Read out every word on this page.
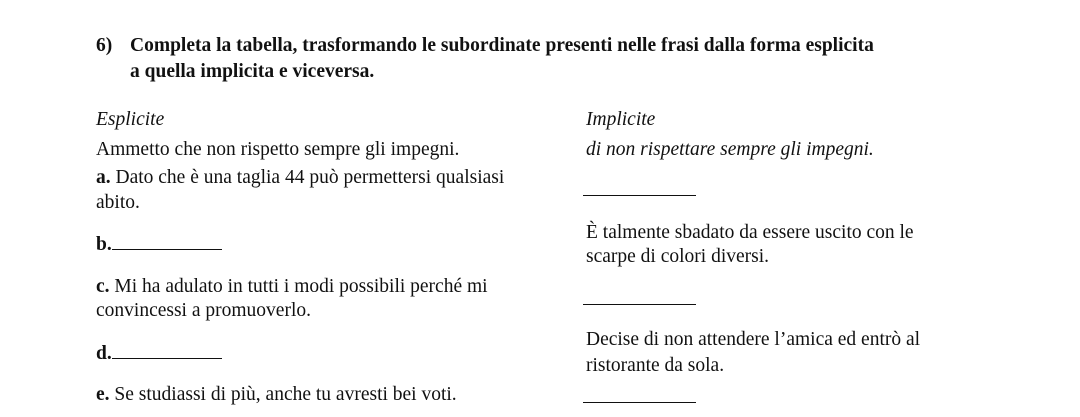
6) Completa la tabella, trasformando le subordinate presenti nelle frasi dalla forma esplicita
a quella implicita e viceversa.
Esplicite	Implicite
Ammetto che non rispetto sempre gli impegni.	di non rispettare sempre gli impegni.
a. Dato che è una taglia 44 può permettersi qualsiasi
abito.
b.
È talmente sbadato da essere uscito con le
scarpe di colori diversi.
c. Mi ha adulato in tutti i modi possibili perché mi
convincessi a promuoverlo.
d.
Decise di non attendere l’amica ed entrò al
ristorante da sola.
e. Se studiassi di più, anche tu avresti bei voti.
